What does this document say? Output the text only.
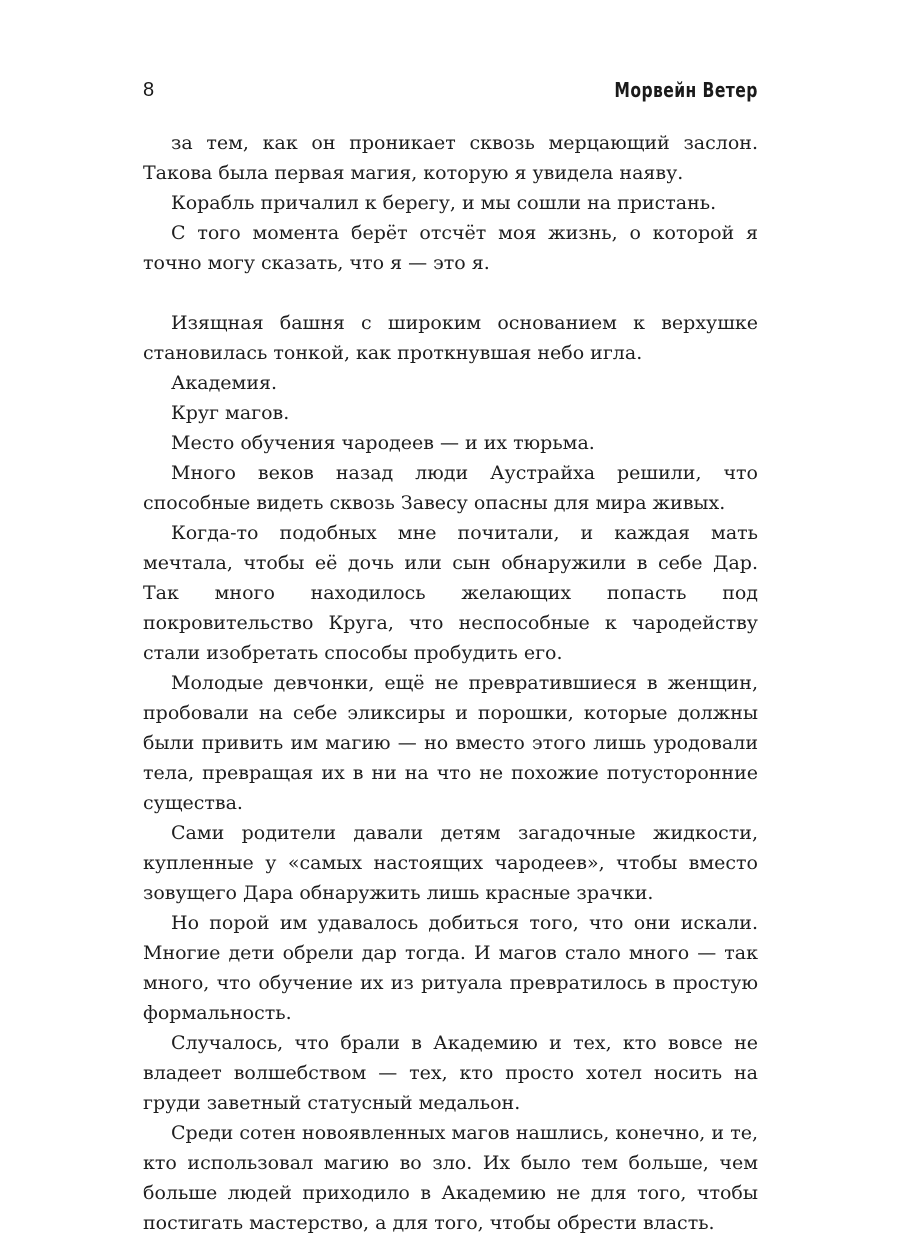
8	Морвейн Ветер

за тем, как он проникает сквозь мерцающий заслон. Такова была первая магия, которую я увидела наяву.

Корабль причалил к берегу, и мы сошли на пристань.

С того момента берёт отсчёт моя жизнь, о которой я точно могу сказать, что я — это я.

Изящная башня с широким основанием к верхушке становилась тонкой, как проткнувшая небо игла.

Академия.

Круг магов.

Место обучения чародеев — и их тюрьма.

Много веков назад люди Аустрайха решили, что способные видеть сквозь Завесу опасны для мира живых.

Когда-то подобных мне почитали, и каждая мать мечтала, чтобы её дочь или сын обнаружили в себе Дар. Так много находилось желающих попасть под покровительство Круга, что неспособные к чародейству стали изобретать способы пробудить его.

Молодые девчонки, ещё не превратившиеся в женщин, пробовали на себе эликсиры и порошки, которые должны были привить им магию — но вместо этого лишь уродовали тела, превращая их в ни на что не похожие потусторонние существа.

Сами родители давали детям загадочные жидкости, купленные у «самых настоящих чародеев», чтобы вместо зовущего Дара обнаружить лишь красные зрачки.

Но порой им удавалось добиться того, что они искали. Многие дети обрели дар тогда. И магов стало много — так много, что обучение их из ритуала превратилось в простую формальность.

Случалось, что брали в Академию и тех, кто вовсе не владеет волшебством — тех, кто просто хотел носить на груди заветный статусный медальон.

Среди сотен новоявленных магов нашлись, конечно, и те, кто использовал магию во зло. Их было тем больше, чем больше людей приходило в Академию не для того, чтобы постигать мастерство, а для того, чтобы обрести власть.
